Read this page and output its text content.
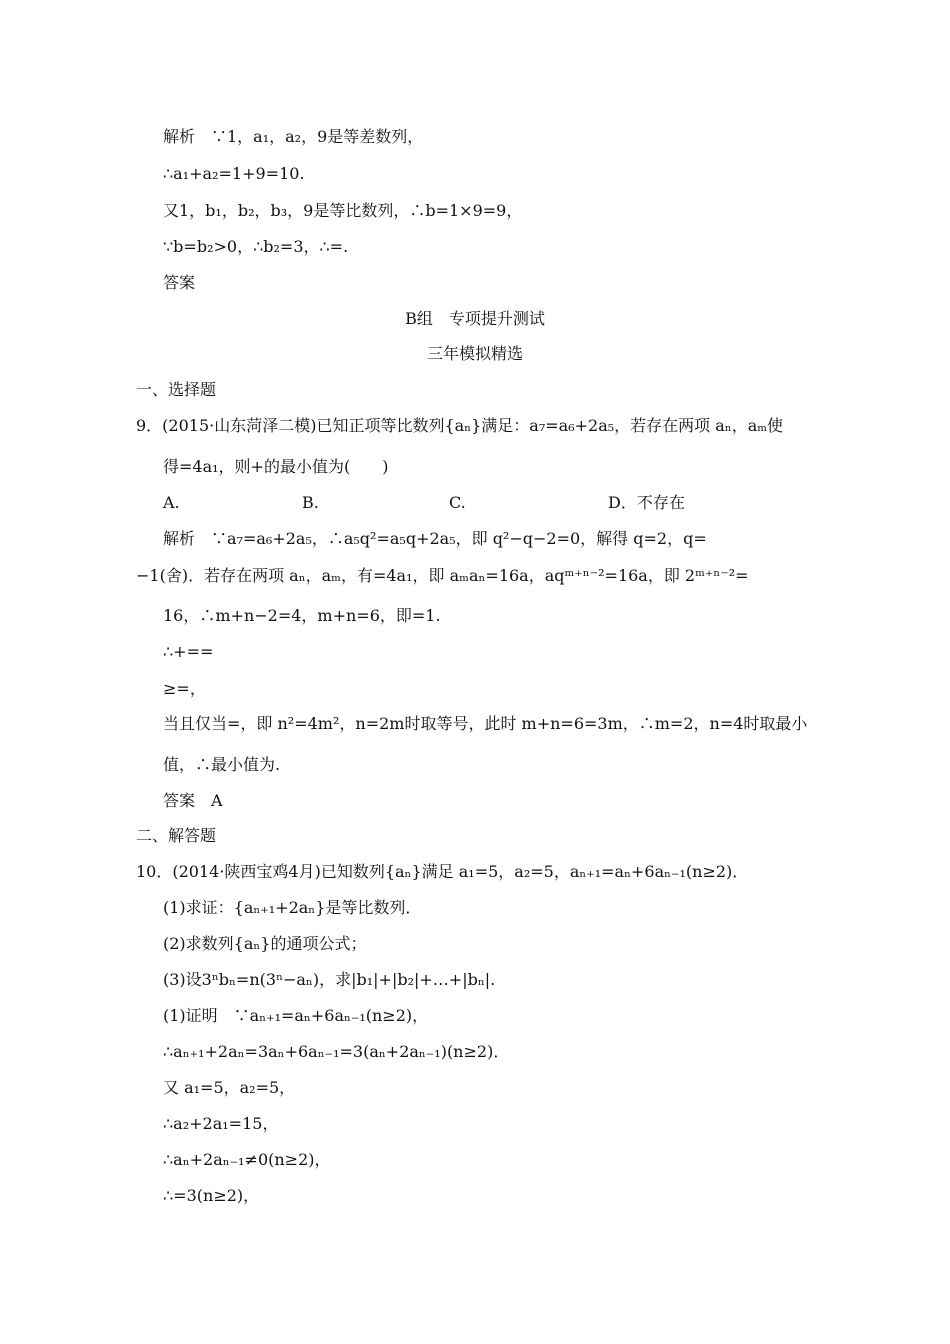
解析　∵1，a₁，a₂，9是等差数列，
∴a₁+a₂=1+9=10.
又1，b₁，b₂，b₃，9是等比数列，∴b=1×9=9，
∵b=b₂>0，∴b₂=3，∴=.
答案
B组　专项提升测试
三年模拟精选
一、选择题
9．(2015·山东菏泽二模)已知正项等比数列{aₙ}满足：a₇=a₆+2a₅，若存在两项 aₙ，aₘ使
得=4a₁，则+的最小值为(　　)
A.	B.	C.	D．不存在
解析　∵a₇=a₆+2a₅，∴a₅q²=a₅q+2a₅，即 q²−q−2=0，解得 q=2，q=
−1(舍)．若存在两项 aₙ，aₘ，有=4a₁，即 aₘaₙ=16a，aqᵐ⁺ⁿ⁻²=16a，即 2ᵐ⁺ⁿ⁻²=
16，∴m+n−2=4，m+n=6，即=1.
∴+==
≥=，
当且仅当=，即 n²=4m²，n=2m时取等号，此时 m+n=6=3m，∴m=2，n=4时取最小
值，∴最小值为.
答案　A
二、解答题
10．(2014·陕西宝鸡4月)已知数列{aₙ}满足 a₁=5，a₂=5，aₙ₊₁=aₙ+6aₙ₋₁(n≥2)．
(1)求证：{aₙ₊₁+2aₙ}是等比数列．
(2)求数列{aₙ}的通项公式；
(3)设3ⁿbₙ=n(3ⁿ−aₙ)，求|b₁|+|b₂|+…+|bₙ|.
(1)证明　∵aₙ₊₁=aₙ+6aₙ₋₁(n≥2)，
∴aₙ₊₁+2aₙ=3aₙ+6aₙ₋₁=3(aₙ+2aₙ₋₁)(n≥2)．
又 a₁=5，a₂=5，
∴a₂+2a₁=15，
∴aₙ+2aₙ₋₁≠0(n≥2)，
∴=3(n≥2)，
